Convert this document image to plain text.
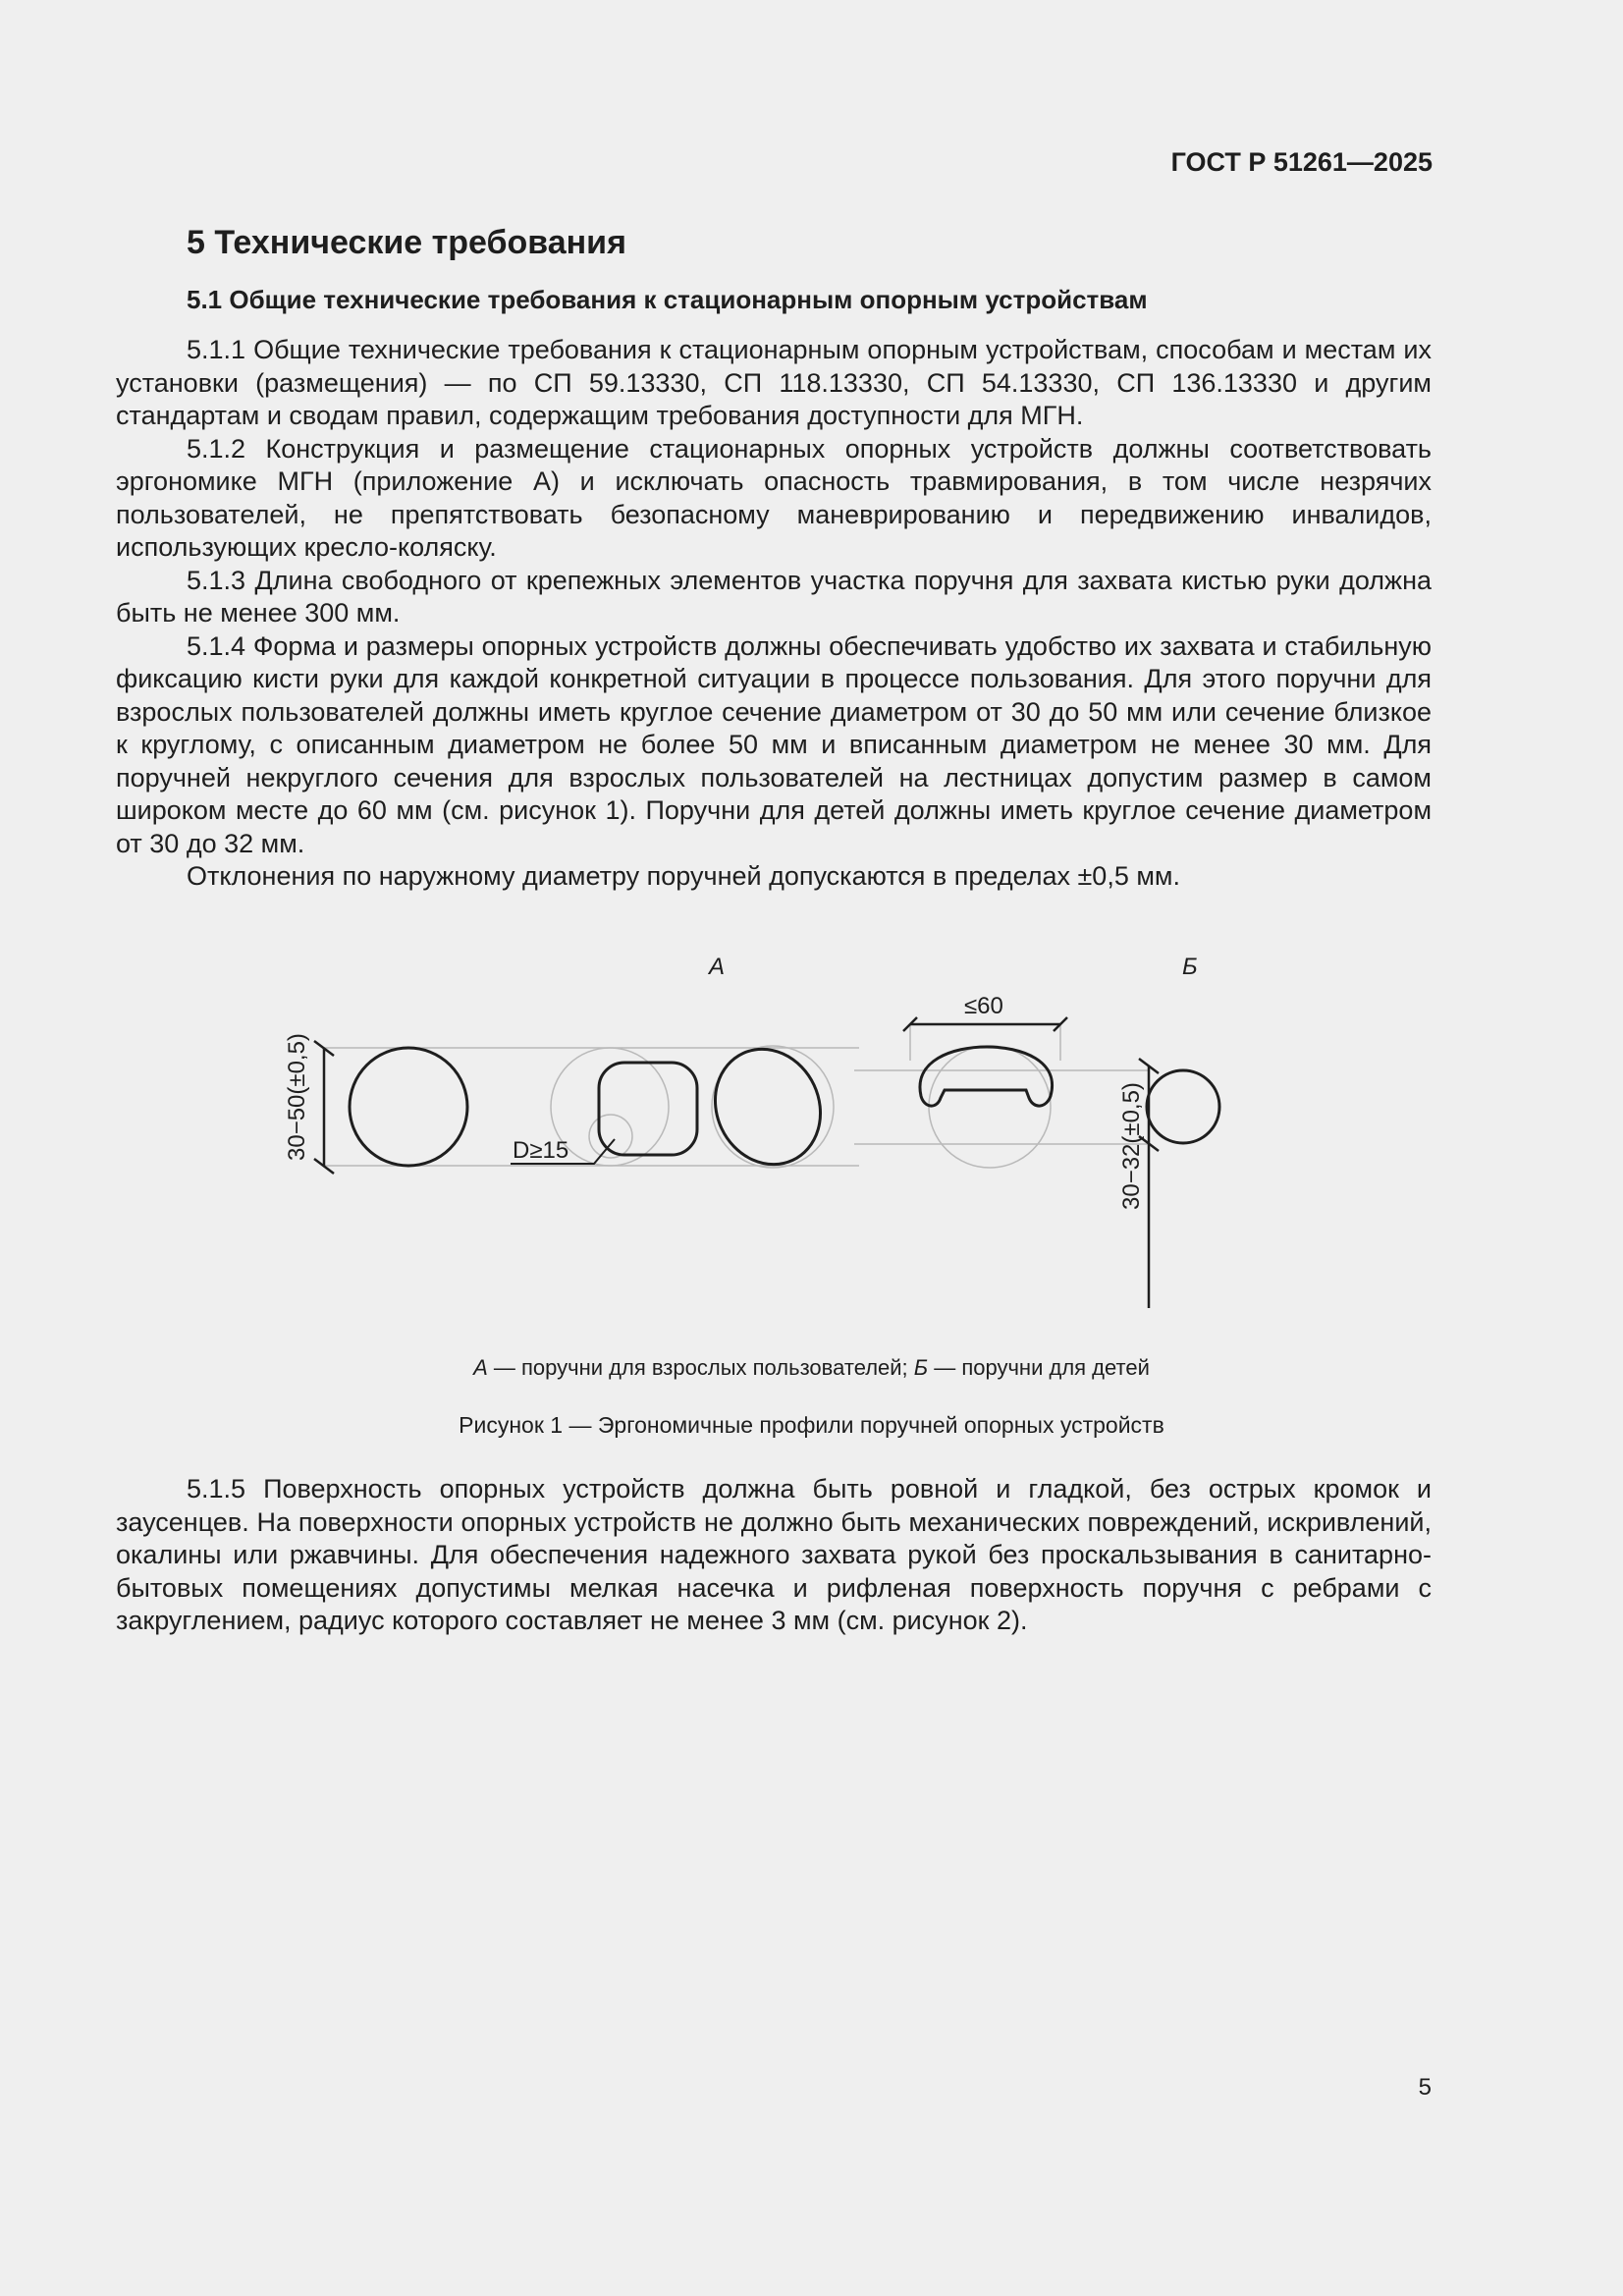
ГОСТ Р 51261—2025
5 Технические требования
5.1 Общие технические требования к стационарным опорным устройствам

5.1.1 Общие технические требования к стационарным опорным устройствам, способам и местам их установки (размещения) — по СП 59.13330, СП 118.13330, СП 54.13330, СП 136.13330 и другим стандартам и сводам правил, содержащим требования доступности для МГН.

5.1.2 Конструкция и размещение стационарных опорных устройств должны соответствовать эргономике МГН (приложение А) и исключать опасность травмирования, в том числе незрячих пользователей, не препятствовать безопасному маневрированию и передвижению инвалидов, использующих кресло-коляску.

5.1.3 Длина свободного от крепежных элементов участка поручня для захвата кистью руки должна быть не менее 300 мм.

5.1.4 Форма и размеры опорных устройств должны обеспечивать удобство их захвата и стабильную фиксацию кисти руки для каждой конкретной ситуации в процессе пользования. Для этого поручни для взрослых пользователей должны иметь круглое сечение диаметром от 30 до 50 мм или сечение близкое к круглому, с описанным диаметром не более 50 мм и вписанным диаметром не менее 30 мм. Для поручней некруглого сечения для взрослых пользователей на лестницах допустим размер в самом широком месте до 60 мм (см. рисунок 1). Поручни для детей должны иметь круглое сечение диаметром от 30 до 32 мм.

Отклонения по наружному диаметру поручней допускаются в пределах ±0,5 мм.

А	Б
30−50(±0,5)
≤60
D≥15	30−32(±0,5)
А — поручни для взрослых пользователей; Б — поручни для детей
Рисунок 1 — Эргономичные профили поручней опорных устройств

5.1.5 Поверхность опорных устройств должна быть ровной и гладкой, без острых кромок и заусенцев. На поверхности опорных устройств не должно быть механических повреждений, искривлений, окалины или ржавчины. Для обеспечения надежного захвата рукой без проскальзывания в санитарно-бытовых помещениях допустимы мелкая насечка и рифленая поверхность поручня с ребрами с закруглением, радиус которого составляет не менее 3 мм (см. рисунок 2).

5
